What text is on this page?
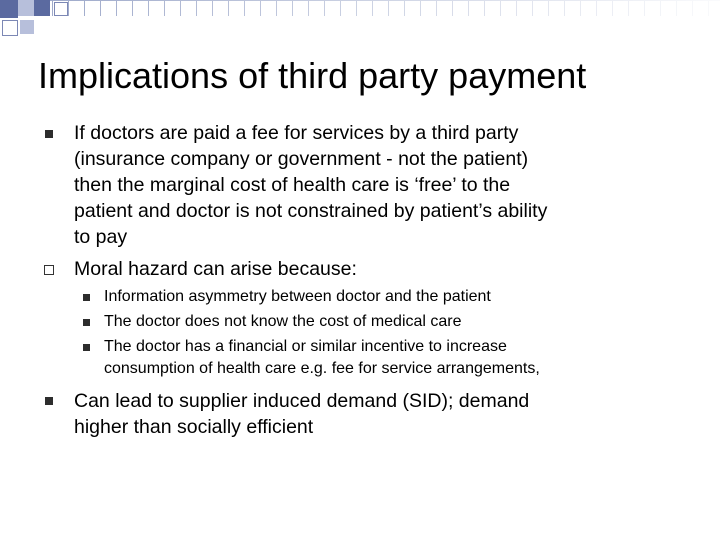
Implications of third party payment
If doctors are paid a fee for services by a third party
(insurance company or government - not the patient)
then the marginal cost of health care is ‘free’ to the
patient and doctor is not constrained by patient’s ability
to pay
Moral hazard can arise because:
Information asymmetry between doctor and the patient
The doctor does not know the cost of medical care
The doctor has a financial or similar incentive to increase
consumption of health care e.g. fee for service arrangements,
Can lead to supplier induced demand (SID); demand
higher than socially efficient
